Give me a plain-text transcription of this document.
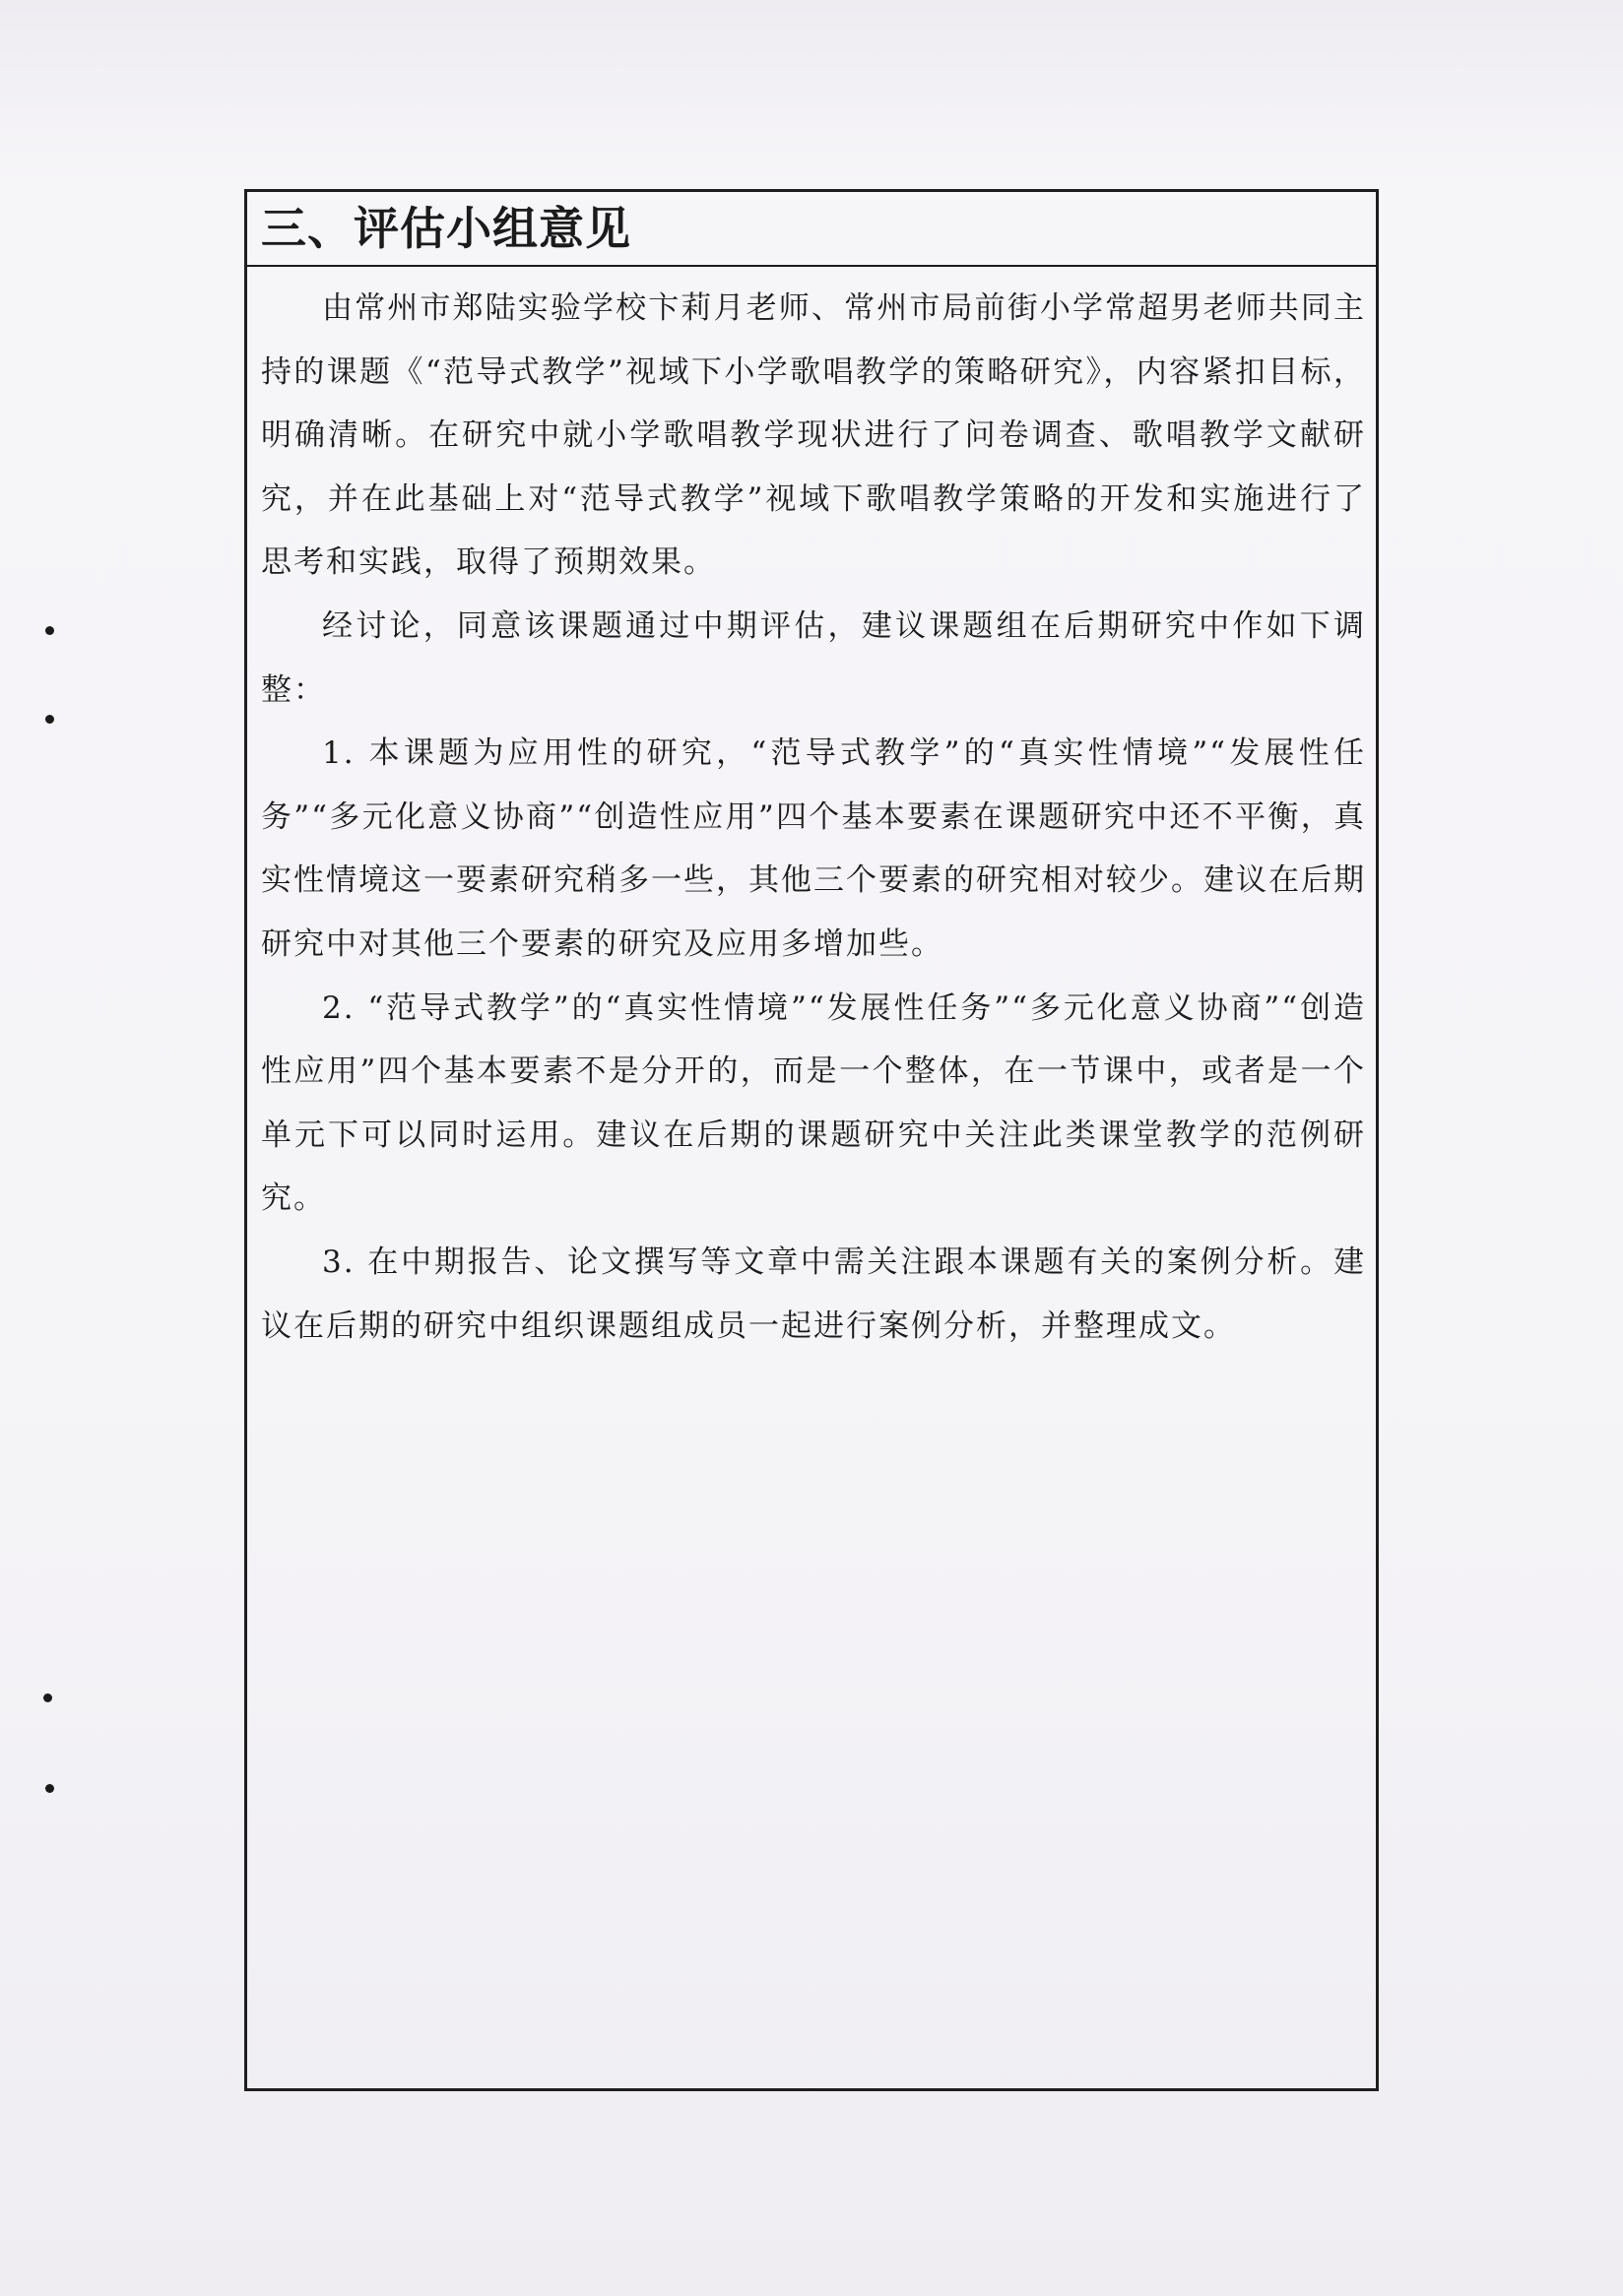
三、评估小组意见

由常州市郑陆实验学校卞莉月老师、常州市局前街小学常超男老师共同主持的课题《“范导式教学”视域下小学歌唱教学的策略研究》，内容紧扣目标，明确清晰。在研究中就小学歌唱教学现状进行了问卷调查、歌唱教学文献研究，并在此基础上对“范导式教学”视域下歌唱教学策略的开发和实施进行了思考和实践，取得了预期效果。

经讨论，同意该课题通过中期评估，建议课题组在后期研究中作如下调整：

1. 本课题为应用性的研究，“范导式教学”的“真实性情境”“发展性任务”“多元化意义协商”“创造性应用”四个基本要素在课题研究中还不平衡，真实性情境这一要素研究稍多一些，其他三个要素的研究相对较少。建议在后期研究中对其他三个要素的研究及应用多增加些。

2. “范导式教学”的“真实性情境”“发展性任务”“多元化意义协商”“创造性应用”四个基本要素不是分开的，而是一个整体，在一节课中，或者是一个单元下可以同时运用。建议在后期的课题研究中关注此类课堂教学的范例研究。

3. 在中期报告、论文撰写等文章中需关注跟本课题有关的案例分析。建议在后期的研究中组织课题组成员一起进行案例分析，并整理成文。
